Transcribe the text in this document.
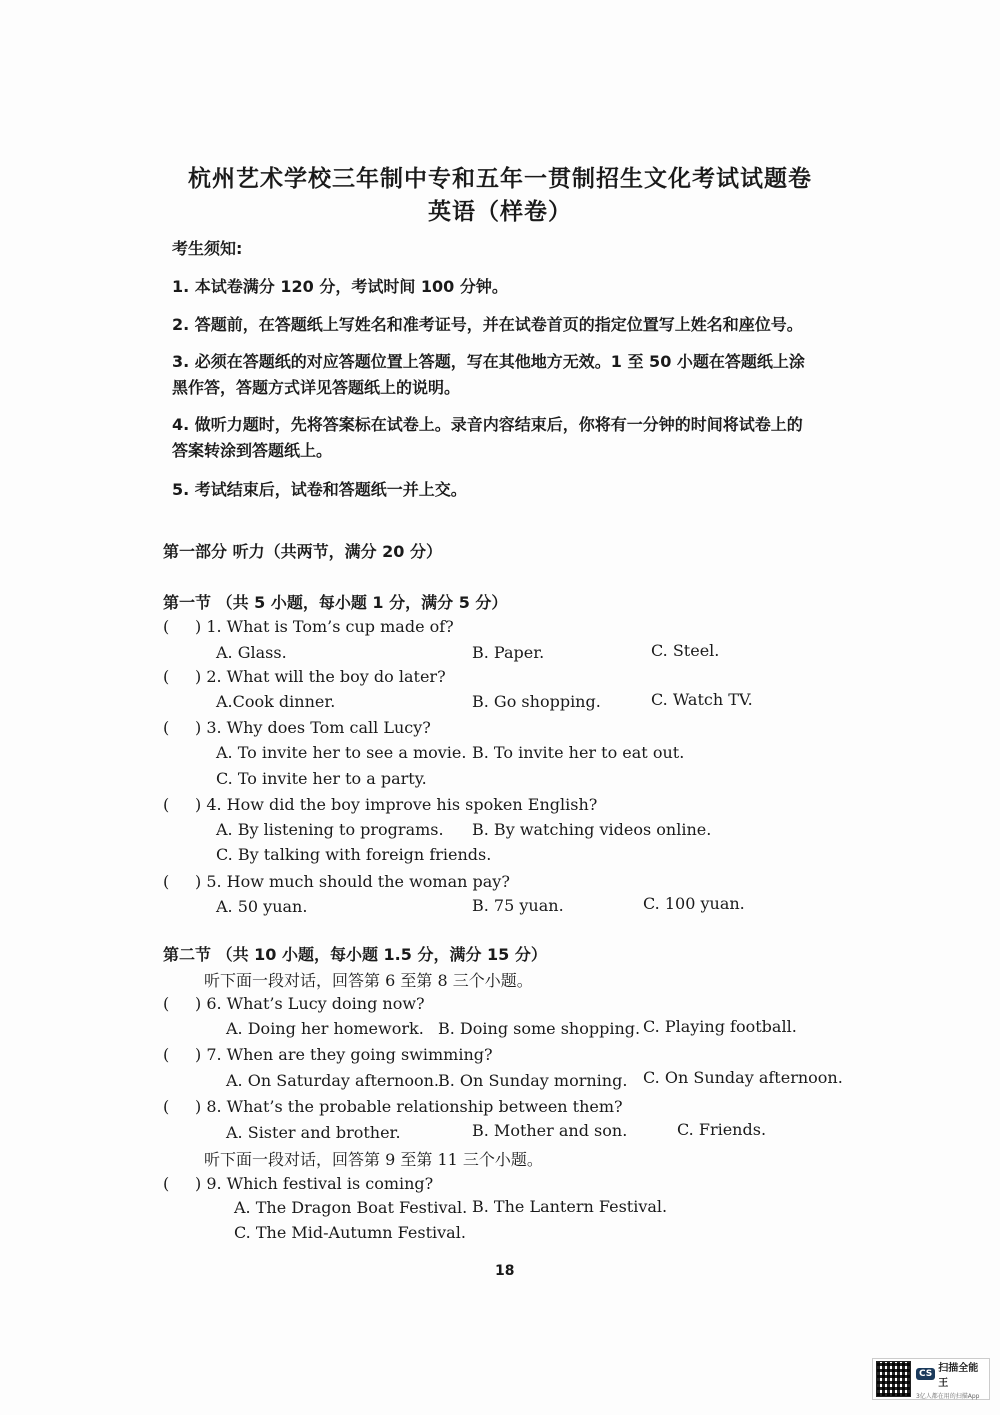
杭州艺术学校三年制中专和五年一贯制招生文化考试试题卷
英语（样卷）
考生须知:
1. 本试卷满分 120 分，考试时间 100 分钟。
2. 答题前，在答题纸上写姓名和准考证号，并在试卷首页的指定位置写上姓名和座位号。
3. 必须在答题纸的对应答题位置上答题，写在其他地方无效。1 至 50 小题在答题纸上涂
黑作答，答题方式详见答题纸上的说明。
4. 做听力题时，先将答案标在试卷上。录音内容结束后，你将有一分钟的时间将试卷上的
答案转涂到答题纸上。
5. 考试结束后，试卷和答题纸一并上交。
第一部分 听力（共两节，满分 20 分）
第一节 （共 5 小题，每小题 1 分，满分 5 分）
( ) 1. What is Tom’s cup made of?
A. Glass.	B. Paper.	C. Steel.
( ) 2. What will the boy do later?
A.Cook dinner.	B. Go shopping.	C. Watch TV.
( ) 3. Why does Tom call Lucy?
A. To invite her to see a movie. B. To invite her to eat out.
C. To invite her to a party.
( ) 4. How did the boy improve his spoken English?
A. By listening to programs. B. By watching videos online.
C. By talking with foreign friends.
( ) 5. How much should the woman pay?
A. 50 yuan.	B. 75 yuan.	C. 100 yuan.
第二节 （共 10 小题，每小题 1.5 分，满分 15 分）
听下面一段对话，回答第 6 至第 8 三个小题。
( ) 6. What’s Lucy doing now?
A. Doing her homework. B. Doing some shopping. C. Playing football.
( ) 7. When are they going swimming?
A. On Saturday afternoon. B. On Sunday morning. C. On Sunday afternoon.
( ) 8. What’s the probable relationship between them?
A. Sister and brother.	B. Mother and son.	C. Friends.
听下面一段对话，回答第 9 至第 11 三个小题。
( ) 9. Which festival is coming?
A. The Dragon Boat Festival. B. The Lantern Festival.
C. The Mid-Autumn Festival.
18
CS 扫描全能王
3亿人都在用的扫描App
